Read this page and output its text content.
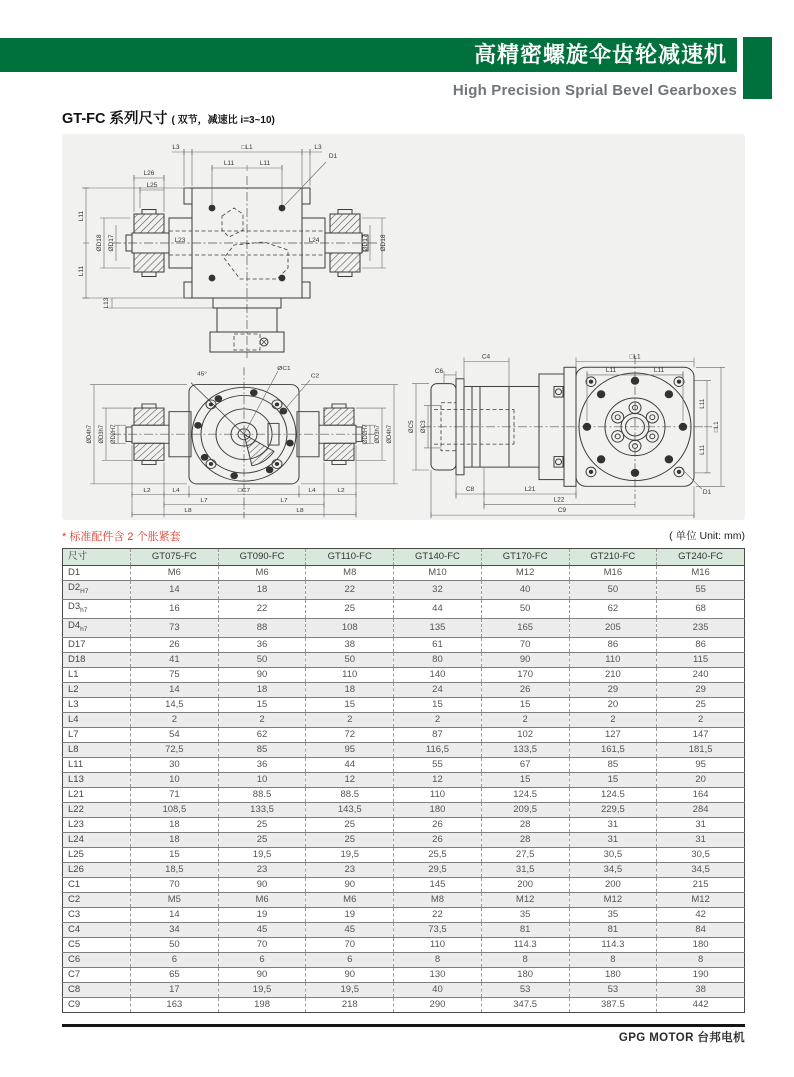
高精密螺旋伞齿轮减速机
High Precision Sprial Bevel Gearboxes
GT-FC 系列尺寸 ( 双节，减速比 i=3~10)
L3	□L1	L3
D1
L11	L11
L26
L25
L11
L11
ØD18 ØD17	L23	L24	ØD17 ØD18
L13
45°
ØC1
C2
ØD4h7 ØD3h7 ØD2H7	ØD2H7 ØD3h7 ØD4h7
L2	L4	□C7	L4	L2
L7	L7
L8	L8
C6
C4	□L1
L11	L11
ØC5 ØC3
L11
L11
□L1
C8	L21
L22
C9
D1
* 标准配件含 2 个胀紧套	( 单位 Unit: mm)
尺寸	GT075-FC	GT090-FC	GT110-FC	GT140-FC	GT170-FC	GT210-FC	GT240-FC
D1	M6	M6	M8	M10	M12	M16	M16
$D2_{H7}$	14	18	22	32	40	50	55
$D3_{h7}$	16	22	25	44	50	62	68
$D4_{h7}$	73	88	108	135	165	205	235
D17	26	36	38	61	70	86	86
D18	41	50	50	80	90	110	115
L1	75	90	110	140	170	210	240
L2	14	18	18	24	26	29	29
L3	14,5	15	15	15	15	20	25
L4	2	2	2	2	2	2	2
L7	54	62	72	87	102	127	147
L8	72,5	85	95	116,5	133,5	161,5	181,5
L11	30	36	44	55	67	85	95
L13	10	10	12	12	15	15	20
L21	71	88.5	88.5	110	124.5	124.5	164
L22	108,5	133,5	143,5	180	209,5	229,5	284
L23	18	25	25	26	28	31	31
L24	18	25	25	26	28	31	31
L25	15	19,5	19,5	25,5	27,5	30,5	30,5
L26	18,5	23	23	29,5	31,5	34,5	34,5
C1	70	90	90	145	200	200	215
C2	M5	M6	M6	M8	M12	M12	M12
C3	14	19	19	22	35	35	42
C4	34	45	45	73,5	81	81	84
C5	50	70	70	110	114.3	114.3	180
C6	6	6	6	8	8	8	8
C7	65	90	90	130	180	180	190
C8	17	19,5	19,5	40	53	53	38
C9	163	198	218	290	347.5	387.5	442
GPG MOTOR 台邦电机
